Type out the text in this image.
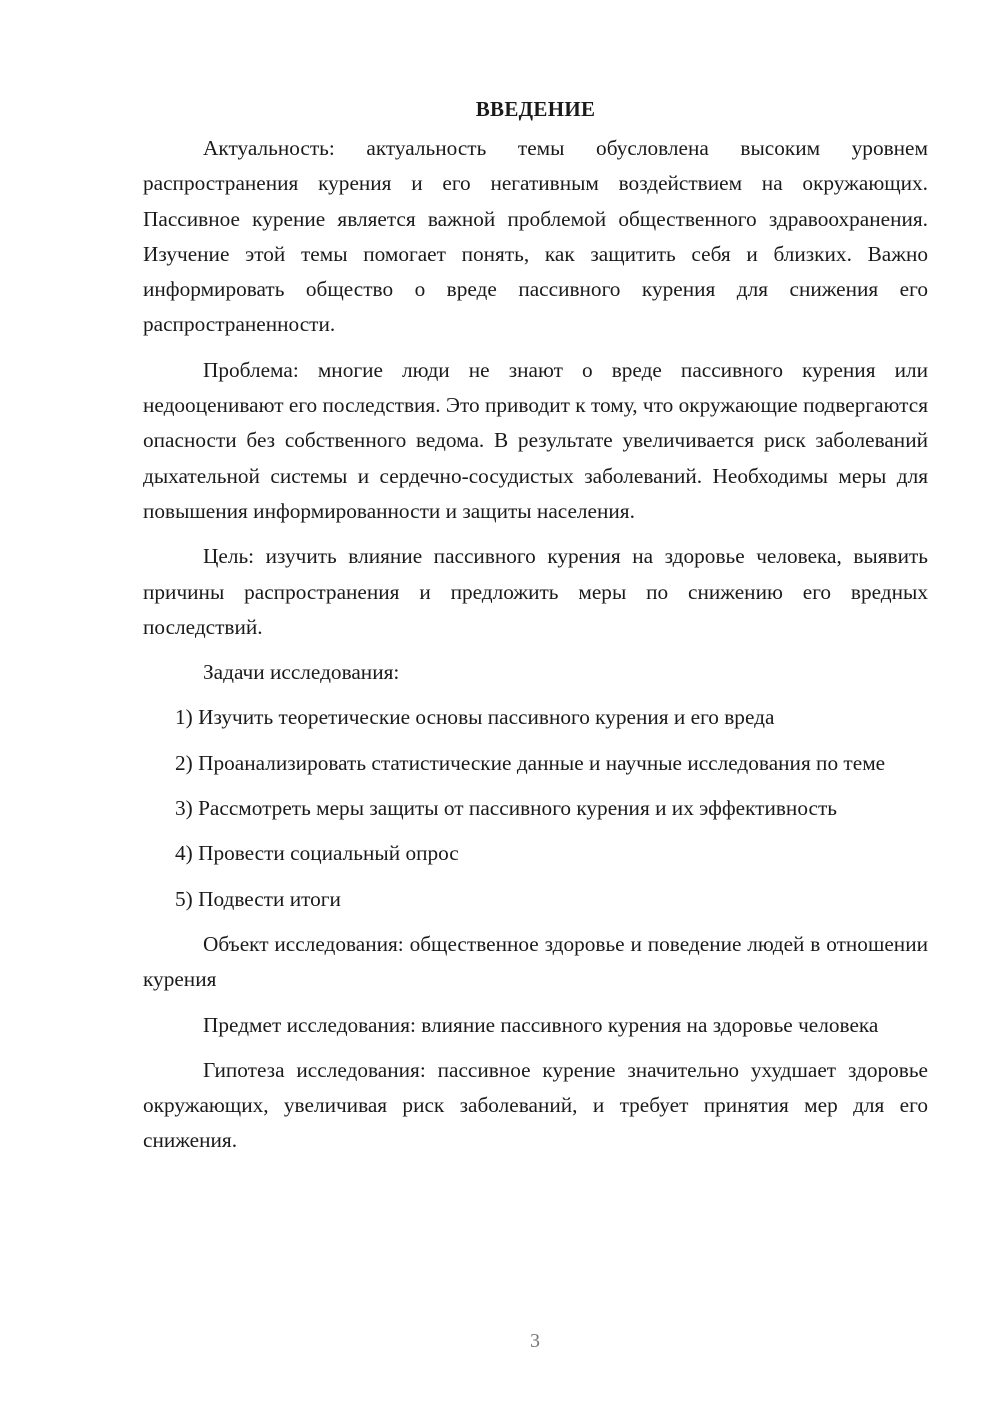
ВВЕДЕНИЕ

Актуальность: актуальность темы обусловлена высоким уровнем распространения курения и его негативным воздействием на окружающих. Пассивное курение является важной проблемой общественного здравоохранения. Изучение этой темы помогает понять, как защитить себя и близких. Важно информировать общество о вреде пассивного курения для снижения его распространенности.

Проблема: многие люди не знают о вреде пассивного курения или недооценивают его последствия. Это приводит к тому, что окружающие подвергаются опасности без собственного ведома. В результате увеличивается риск заболеваний дыхательной системы и сердечно-сосудистых заболеваний. Необходимы меры для повышения информированности и защиты населения.

Цель: изучить влияние пассивного курения на здоровье человека, выявить причины распространения и предложить меры по снижению его вредных последствий.

Задачи исследования:

1) Изучить теоретические основы пассивного курения и его вреда

2) Проанализировать статистические данные и научные исследования по теме

3) Рассмотреть меры защиты от пассивного курения и их эффективность

4) Провести социальный опрос

5) Подвести итоги

Объект исследования: общественное здоровье и поведение людей в отношении курения

Предмет исследования: влияние пассивного курения на здоровье человека

Гипотеза исследования: пассивное курение значительно ухудшает здоровье окружающих, увеличивая риск заболеваний, и требует принятия мер для его снижения.

3
